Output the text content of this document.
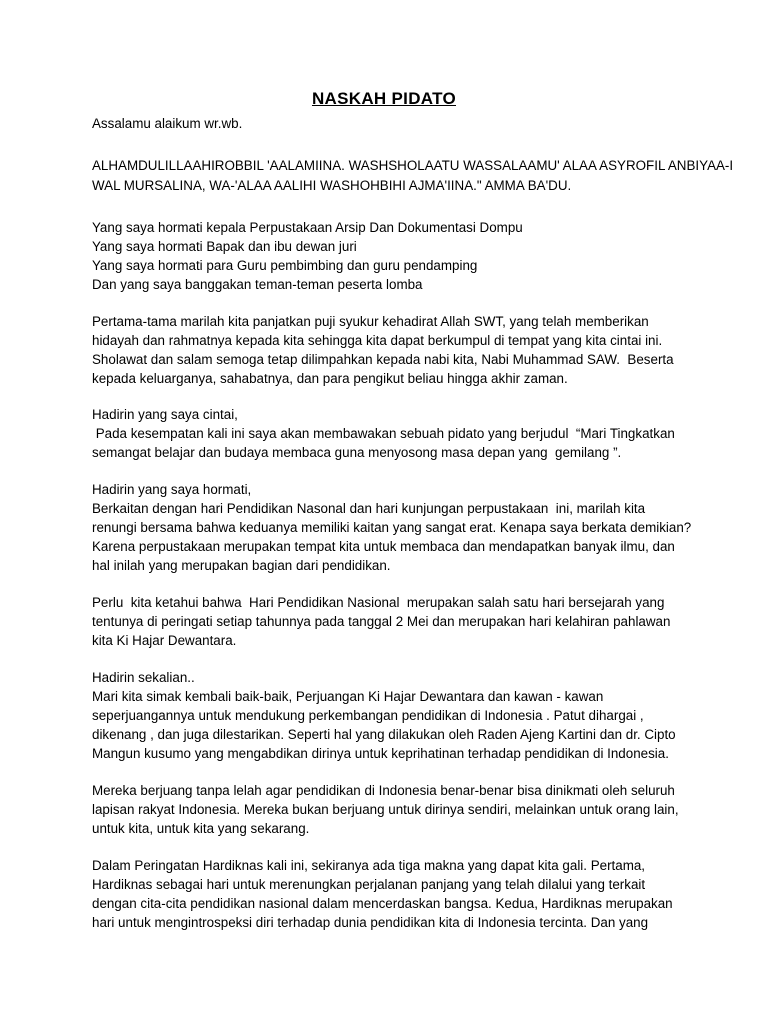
NASKAH PIDATO
Assalamu alaikum wr.wb.
ALHAMDULILLAAHIROBBIL 'AALAMIINA. WASHSHOLAATU WASSALAAMU' ALAA ASYROFIL ANBIYAA-I
WAL MURSALINA, WA-'ALAA AALIHI WASHOHBIHI AJMA'IINA." AMMA BA'DU.
Yang saya hormati kepala Perpustakaan Arsip Dan Dokumentasi Dompu
Yang saya hormati Bapak dan ibu dewan juri
Yang saya hormati para Guru pembimbing dan guru pendamping
Dan yang saya banggakan teman-teman peserta lomba
Pertama-tama marilah kita panjatkan puji syukur kehadirat Allah SWT, yang telah memberikan
hidayah dan rahmatnya kepada kita sehingga kita dapat berkumpul di tempat yang kita cintai ini.
Sholawat dan salam semoga tetap dilimpahkan kepada nabi kita, Nabi Muhammad SAW.  Beserta
kepada keluarganya, sahabatnya, dan para pengikut beliau hingga akhir zaman.
Hadirin yang saya cintai,
Pada kesempatan kali ini saya akan membawakan sebuah pidato yang berjudul  “Mari Tingkatkan
semangat belajar dan budaya membaca guna menyosong masa depan yang  gemilang ”.
Hadirin yang saya hormati,
Berkaitan dengan hari Pendidikan Nasonal dan hari kunjungan perpustakaan  ini, marilah kita
renungi bersama bahwa keduanya memiliki kaitan yang sangat erat. Kenapa saya berkata demikian?
Karena perpustakaan merupakan tempat kita untuk membaca dan mendapatkan banyak ilmu, dan
hal inilah yang merupakan bagian dari pendidikan.
Perlu  kita ketahui bahwa  Hari Pendidikan Nasional  merupakan salah satu hari bersejarah yang
tentunya di peringati setiap tahunnya pada tanggal 2 Mei dan merupakan hari kelahiran pahlawan
kita Ki Hajar Dewantara.
Hadirin sekalian..
Mari kita simak kembali baik-baik, Perjuangan Ki Hajar Dewantara dan kawan - kawan
seperjuangannya untuk mendukung perkembangan pendidikan di Indonesia . Patut dihargai ,
dikenang , dan juga dilestarikan. Seperti hal yang dilakukan oleh Raden Ajeng Kartini dan dr. Cipto
Mangun kusumo yang mengabdikan dirinya untuk keprihatinan terhadap pendidikan di Indonesia.
Mereka berjuang tanpa lelah agar pendidikan di Indonesia benar-benar bisa dinikmati oleh seluruh
lapisan rakyat Indonesia. Mereka bukan berjuang untuk dirinya sendiri, melainkan untuk orang lain,
untuk kita, untuk kita yang sekarang.
Dalam Peringatan Hardiknas kali ini, sekiranya ada tiga makna yang dapat kita gali. Pertama,
Hardiknas sebagai hari untuk merenungkan perjalanan panjang yang telah dilalui yang terkait
dengan cita-cita pendidikan nasional dalam mencerdaskan bangsa. Kedua, Hardiknas merupakan
hari untuk mengintrospeksi diri terhadap dunia pendidikan kita di Indonesia tercinta. Dan yang
